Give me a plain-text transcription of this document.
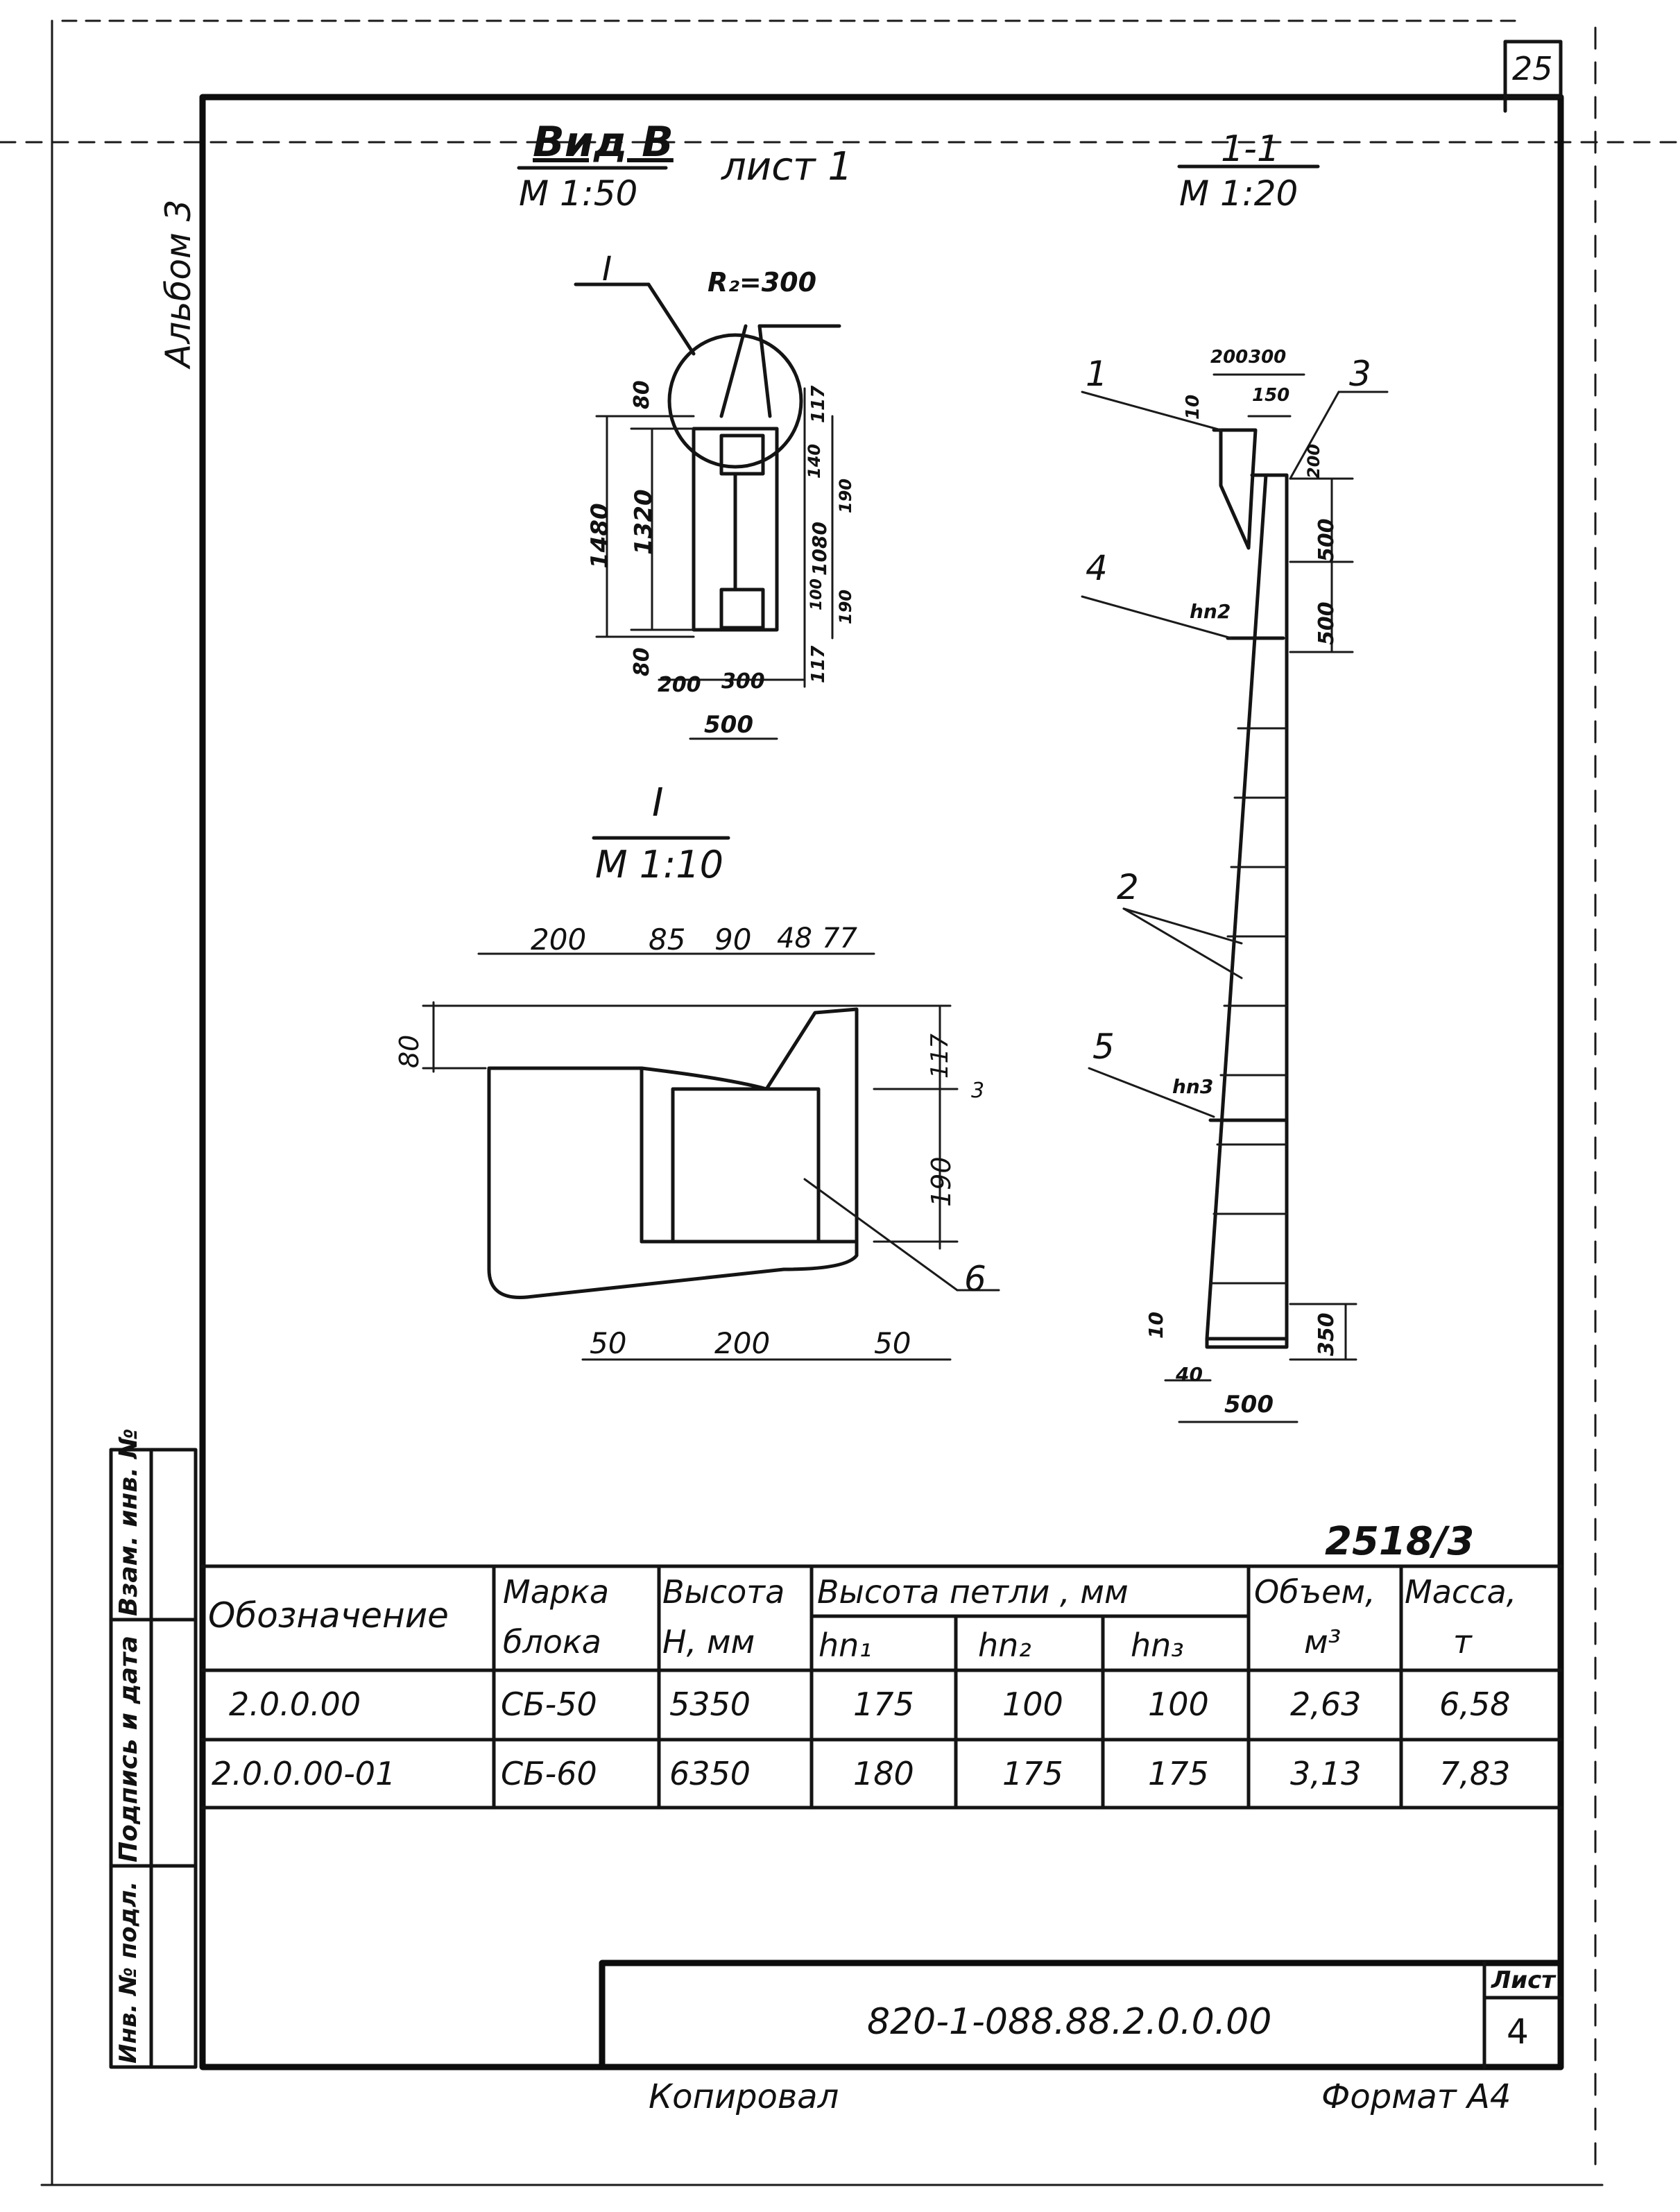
25
Альбом 3
Вид В
М 1:50
лист 1	1-1
М 1:20
I
М 1:10
R₂=300
I
1480 1320
80
80
117
117
140
1080
190
190
100
200 300
500
200 85 90 48 77
80	117
3
190
50	200	50
6
200 300
150
10
200
500
500
hn2
hn3
10
40
500
350
1	3
4
2
5
2518/3
Обозначение
Марка
блока
Высота
Н, мм
Высота петли , мм
hn₁	hn₂	hn₃
Объем,
м³
Масса,
т
2.0.0.00	СБ-50 5350	175	100	100	2,63 6,58
2.0.0.00-01	СБ-60 6350	180	175	175	3,13 7,83
Взам. инв. №
Подпись и дата
Инв. № подл.	820-1-088.88.2.0.0.00
Лист
4
Копировал	Формат А4
